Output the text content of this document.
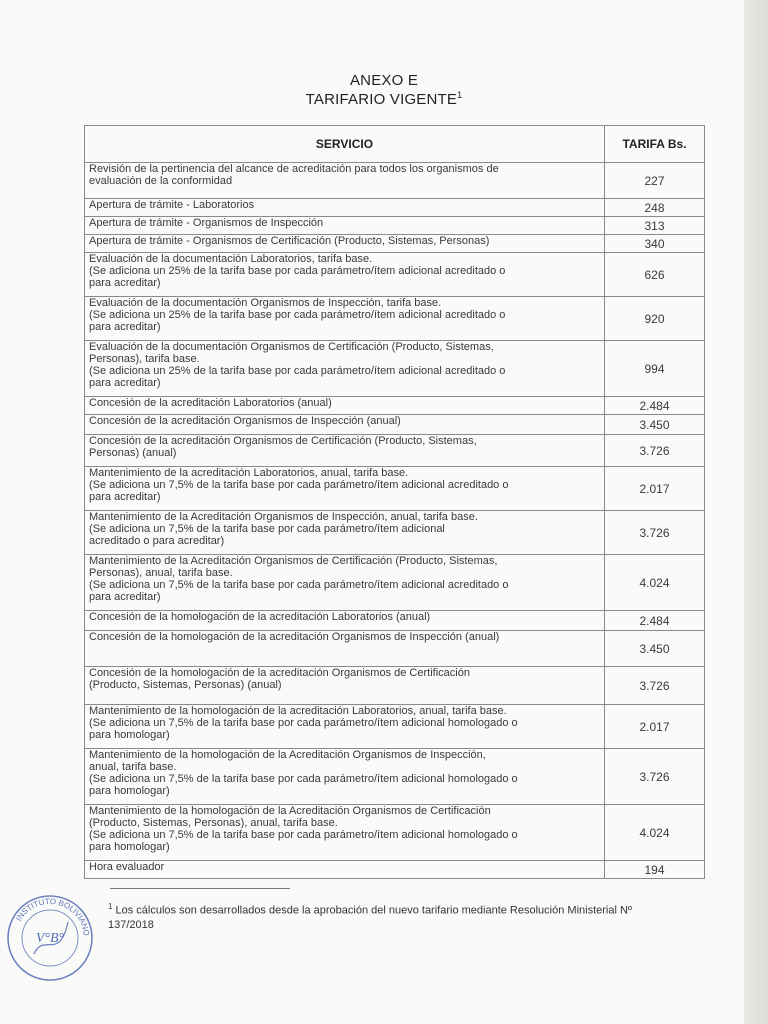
ANEXO E
TARIFARIO VIGENTE$^1$
SERVICIO	TARIFA Bs.

Revisión de la pertinencia del alcance de acreditación para todos los organismos de
evaluación de la conformidad	227

Apertura de trámite - Laboratorios	248

Apertura de trámite - Organismos de Inspección	313

Apertura de trámite - Organismos de Certificación (Producto, Sistemas, Personas)	340

Evaluación de la documentación Laboratorios, tarifa base.
(Se adiciona un 25% de la tarifa base por cada parámetro/ítem adicional acreditado o
para acreditar)	626

Evaluación de la documentación Organismos de Inspección, tarifa base.
(Se adiciona un 25% de la tarifa base por cada parámetro/ítem adicional acreditado o
para acreditar)	920

Evaluación de la documentación Organismos de Certificación (Producto, Sistemas,
Personas), tarifa base.
(Se adiciona un 25% de la tarifa base por cada parámetro/ítem adicional acreditado o
para acreditar)	994

Concesión de la acreditación Laboratorios (anual)	2.484

Concesión de la acreditación Organismos de Inspección (anual)	3.450

Concesión de la acreditación Organismos de Certificación (Producto, Sistemas,
Personas) (anual)	3.726

Mantenimiento de la acreditación Laboratorios, anual, tarifa base.
(Se adiciona un 7,5% de la tarifa base por cada parámetro/ítem adicional acreditado o
para acreditar)	2.017

Mantenimiento de la Acreditación Organismos de Inspección, anual, tarifa base.
(Se adiciona un 7,5% de la tarifa base por cada parámetro/ítem adicional
acreditado o para acreditar)	3.726

Mantenimiento de la Acreditación Organismos de Certificación (Producto, Sistemas,
Personas), anual, tarifa base.
(Se adiciona un 7,5% de la tarifa base por cada parámetro/ítem adicional acreditado o
para acreditar)	4.024

Concesión de la homologación de la acreditación Laboratorios (anual)	2.484

Concesión de la homologación de la acreditación Organismos de Inspección (anual)	3.450

Concesión de la homologación de la acreditación Organismos de Certificación
(Producto, Sistemas, Personas) (anual)	3.726

Mantenimiento de la homologación de la acreditación Laboratorios, anual, tarifa base.
(Se adiciona un 7,5% de la tarifa base por cada parámetro/ítem adicional homologado o
para homologar)	2.017

Mantenimiento de la homologación de la Acreditación Organismos de Inspección,
anual, tarifa base.
(Se adiciona un 7,5% de la tarifa base por cada parámetro/ítem adicional homologado o
para homologar)	3.726

Mantenimiento de la homologación de la Acreditación Organismos de Certificación
(Producto, Sistemas, Personas), anual, tarifa base.
(Se adiciona un 7,5% de la tarifa base por cada parámetro/ítem adicional homologado o
para homologar)	4.024

Hora evaluador	194
$^1$ Los cálculos son desarrollados desde la aprobación del nuevo tarifario mediante Resolución Ministerial Nº 137/2018
INSTITUTO BOLIVIANO
V°B°
